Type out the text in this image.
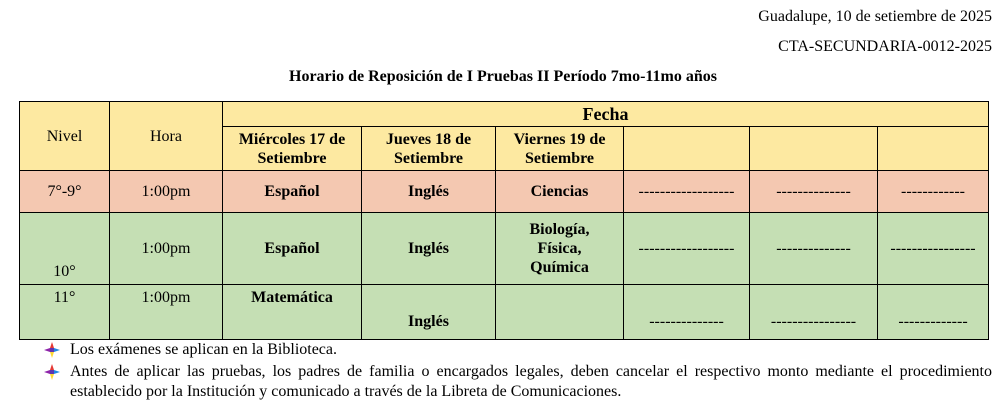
Guadalupe, 10 de setiembre de 2025
CTA-SECUNDARIA-0012-2025
Horario de Reposición de I Pruebas II Período 7mo-11mo años
Nivel	Hora	Fecha					
		Miércoles 17 de Setiembre	Jueves 18 de Setiembre	Viernes 19 de Setiembre			
7°-9°	1:00pm	Español	Inglés	Ciencias	------------------	--------------	------------
10°	1:00pm	Español	Inglés	Biología,
Física,
Química	------------------	--------------	----------------
11°	1:00pm	Matemática	Inglés		--------------	----------------	-------------
Los exámenes se aplican en la Biblioteca.
Antes de aplicar las pruebas, los padres de familia o encargados legales, deben cancelar el respectivo monto mediante el procedimiento establecido por la Institución y comunicado a través de la Libreta de Comunicaciones.
